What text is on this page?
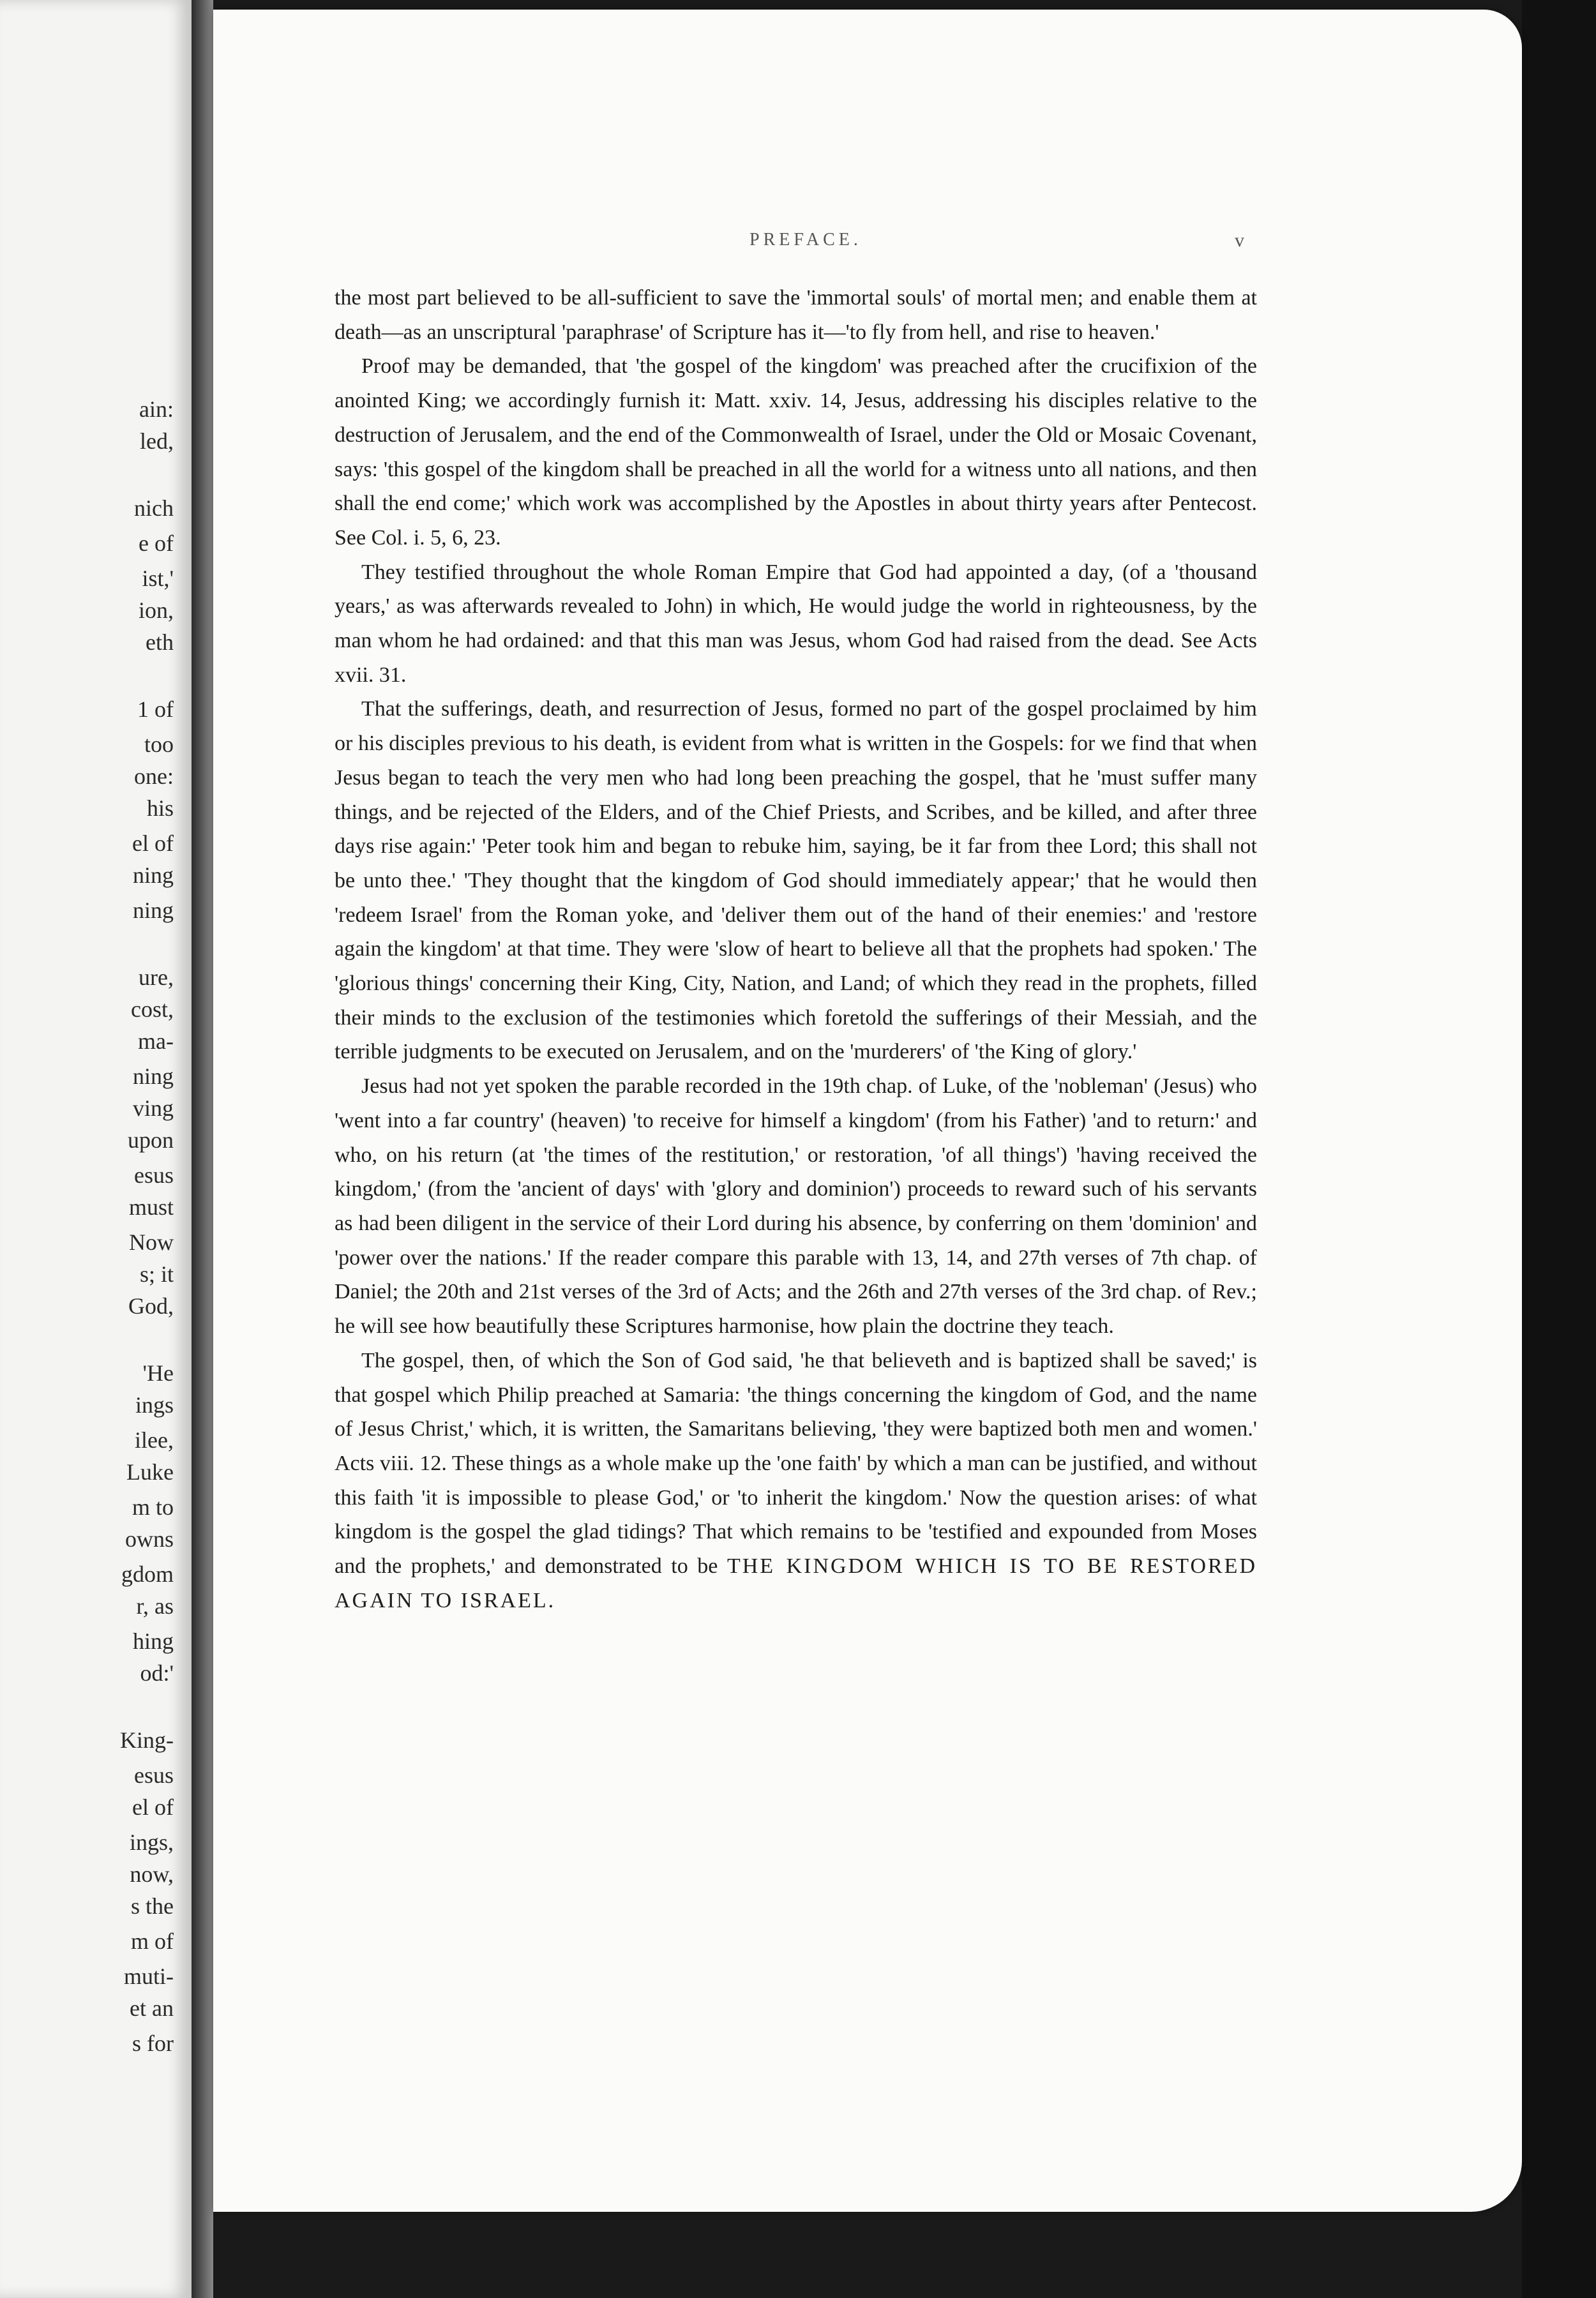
ain:
led,
nich
e of
ist,'
ion,
eth
1 of
too
one:
his
el of
ning
ning
ure,
cost,
ma-
ning
ving
upon
esus
must
Now
s; it
God,
'He
ings
ilee,
Luke
m to
owns
gdom
r, as
hing
od:'
King-
esus
el of
ings,
now,
s the
m of
muti-
et an
s for
PREFACE.	v

the most part believed to be all-sufficient to save the 'immortal souls' of mortal men; and enable them at death—as an unscriptural 'paraphrase' of Scripture has it—'to fly from hell, and rise to heaven.'

Proof may be demanded, that 'the gospel of the kingdom' was preached after the crucifixion of the anointed King; we accordingly furnish it: Matt. xxiv. 14, Jesus, addressing his disciples relative to the destruction of Jerusalem, and the end of the Commonwealth of Israel, under the Old or Mosaic Covenant, says: 'this gospel of the kingdom shall be preached in all the world for a witness unto all nations, and then shall the end come;' which work was accomplished by the Apostles in about thirty years after Pentecost. See Col. i. 5, 6, 23.

They testified throughout the whole Roman Empire that God had appointed a day, (of a 'thousand years,' as was afterwards revealed to John) in which, He would judge the world in righteousness, by the man whom he had ordained: and that this man was Jesus, whom God had raised from the dead. See Acts xvii. 31.

That the sufferings, death, and resurrection of Jesus, formed no part of the gospel proclaimed by him or his disciples previous to his death, is evident from what is written in the Gospels: for we find that when Jesus began to teach the very men who had long been preaching the gospel, that he 'must suffer many things, and be rejected of the Elders, and of the Chief Priests, and Scribes, and be killed, and after three days rise again:' 'Peter took him and began to rebuke him, saying, be it far from thee Lord; this shall not be unto thee.' 'They thought that the kingdom of God should immediately appear;' that he would then 'redeem Israel' from the Roman yoke, and 'deliver them out of the hand of their enemies:' and 'restore again the kingdom' at that time. They were 'slow of heart to believe all that the prophets had spoken.' The 'glorious things' concerning their King, City, Nation, and Land; of which they read in the prophets, filled their minds to the exclusion of the testimonies which foretold the sufferings of their Messiah, and the terrible judgments to be executed on Jerusalem, and on the 'murderers' of 'the King of glory.'

Jesus had not yet spoken the parable recorded in the 19th chap. of Luke, of the 'nobleman' (Jesus) who 'went into a far country' (heaven) 'to receive for himself a kingdom' (from his Father) 'and to return:' and who, on his return (at 'the times of the restitution,' or restoration, 'of all things') 'having received the kingdom,' (from the 'ancient of days' with 'glory and dominion') proceeds to reward such of his servants as had been diligent in the service of their Lord during his absence, by conferring on them 'dominion' and 'power over the nations.' If the reader compare this parable with 13, 14, and 27th verses of 7th chap. of Daniel; the 20th and 21st verses of the 3rd of Acts; and the 26th and 27th verses of the 3rd chap. of Rev.; he will see how beautifully these Scriptures harmonise, how plain the doctrine they teach.

The gospel, then, of which the Son of God said, 'he that believeth and is baptized shall be saved;' is that gospel which Philip preached at Samaria: 'the things concerning the kingdom of God, and the name of Jesus Christ,' which, it is written, the Samaritans believing, 'they were baptized both men and women.' Acts viii. 12. These things as a whole make up the 'one faith' by which a man can be justified, and without this faith 'it is impossible to please God,' or 'to inherit the kingdom.' Now the question arises: of what kingdom is the gospel the glad tidings? That which remains to be 'testified and expounded from Moses and the prophets,' and demonstrated to be THE KINGDOM WHICH IS TO BE RESTORED AGAIN TO ISRAEL.
